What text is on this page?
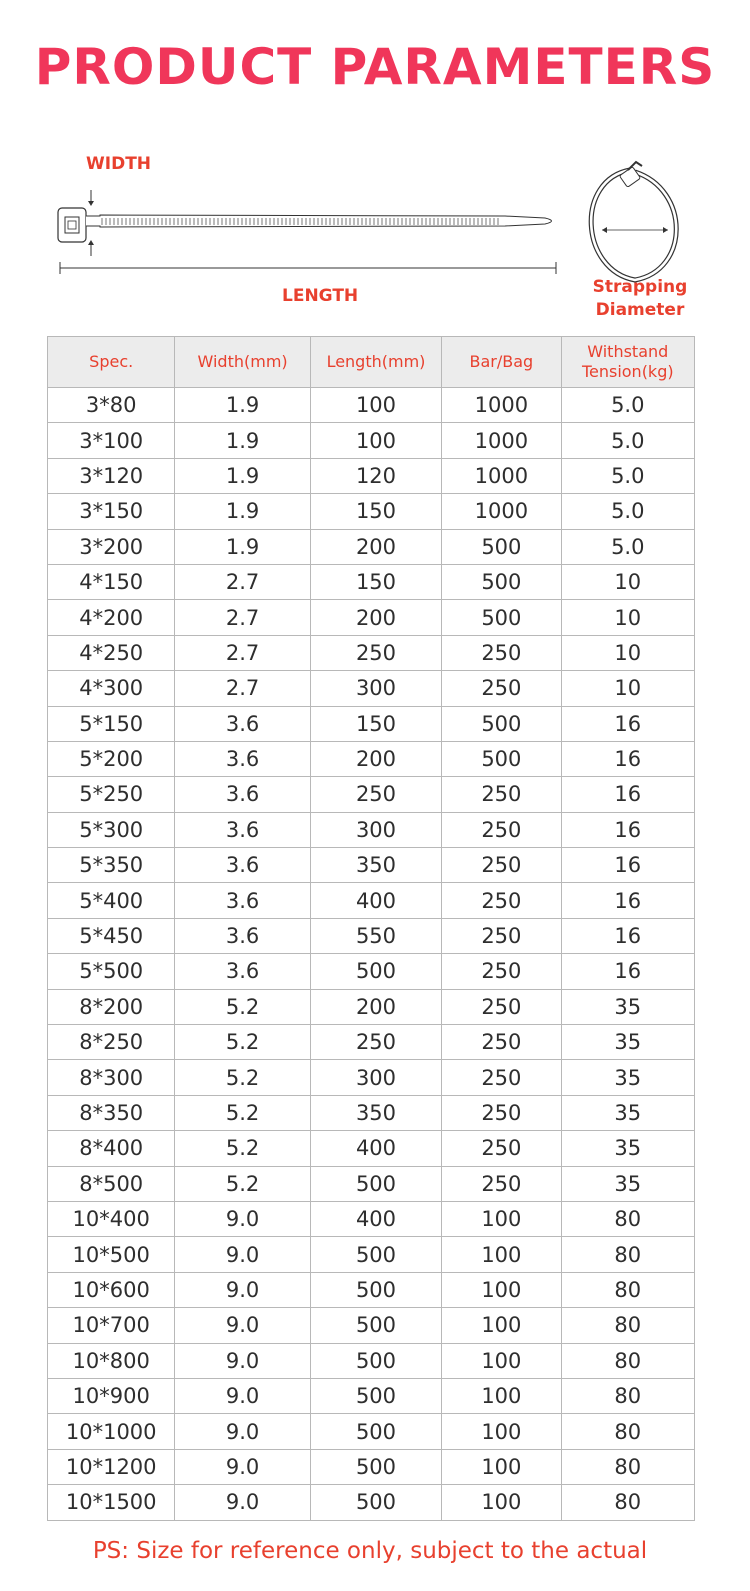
PRODUCT PARAMETERS
WIDTH
LENGTH	Strapping
Diameter
Spec.	Width(mm)	Length(mm)	Bar/Bag	Withstand Tension(kg)
3*80	1.9	100	1000	5.0
3*100	1.9	100	1000	5.0
3*120	1.9	120	1000	5.0
3*150	1.9	150	1000	5.0
3*200	1.9	200	500	5.0
4*150	2.7	150	500	10
4*200	2.7	200	500	10
4*250	2.7	250	250	10
4*300	2.7	300	250	10
5*150	3.6	150	500	16
5*200	3.6	200	500	16
5*250	3.6	250	250	16
5*300	3.6	300	250	16
5*350	3.6	350	250	16
5*400	3.6	400	250	16
5*450	3.6	550	250	16
5*500	3.6	500	250	16
8*200	5.2	200	250	35
8*250	5.2	250	250	35
8*300	5.2	300	250	35
8*350	5.2	350	250	35
8*400	5.2	400	250	35
8*500	5.2	500	250	35
10*400	9.0	400	100	80
10*500	9.0	500	100	80
10*600	9.0	500	100	80
10*700	9.0	500	100	80
10*800	9.0	500	100	80
10*900	9.0	500	100	80
10*1000	9.0	500	100	80
10*1200	9.0	500	100	80
10*1500	9.0	500	100	80
PS: Size for reference only, subject to the actual
